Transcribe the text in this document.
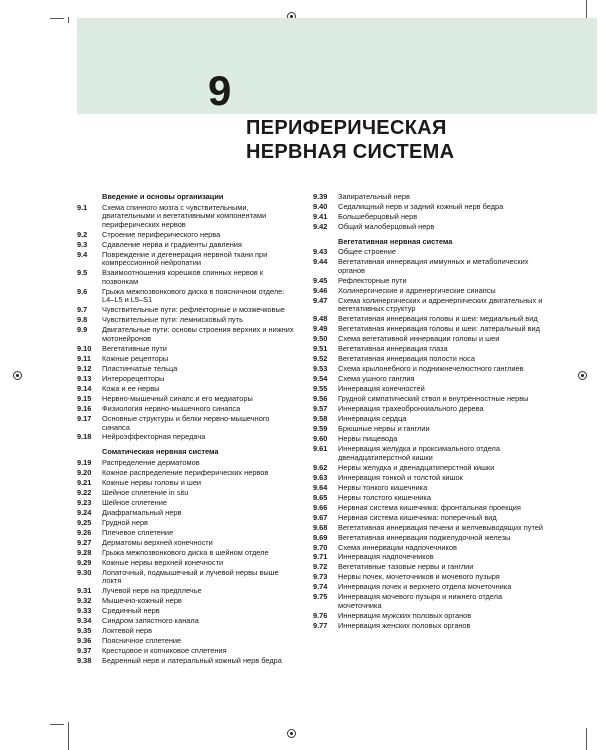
9
ПЕРИФЕРИЧЕСКАЯ
НЕРВНАЯ СИСТЕМА
Введение и основы организации
9.1	Схема спинного мозга с чувствительными, двигательными и вегетативными компонентами периферических нервов
9.2	Строение периферического нерва
9.3	Сдавление нерва и градиенты давления
9.4	Повреждение и дегенерация нервной ткани при компрессионной нейропатии
9.5	Взаимоотношения корешков спинных нервов к позвонкам
9.6	Грыжа межпозвонкового диска в поясничном отделе: L4–L5 и L5–S1
9.7	Чувствительные пути: рефлекторные и мозжечковые
9.8	Чувствительные пути: лемнисковый путь
9.9	Двигательные пути: основы строения верхних и нижних мотонейронов
9.10	Вегетативные пути
9.11	Кожные рецепторы
9.12	Пластинчатые тельца
9.13	Интерорецепторы
9.14	Кожа и ее нервы
9.15	Нервно-мышечный синапс и его медиаторы
9.16	Физиология нервно-мышечного синапса
9.17	Основные структуры и белки нервно-мышечного синапса
9.18	Нейроэффекторная передача
Соматическая нервная система
9.19	Распределение дерматомов
9.20	Кожное распределение периферических нервов
9.21	Кожные нервы головы и шеи
9.22	Шейное сплетение in situ
9.23	Шейное сплетение
9.24	Диафрагмальный нерв
9.25	Грудной нерв
9.26	Плечевое сплетение
9.27	Дерматомы верхней конечности
9.28	Грыжа межпозвонкового диска в шейном отделе
9.29	Кожные нервы верхней конечности
9.30	Лопаточный, подмышечный и лучевой нервы выше локтя
9.31	Лучевой нерв на предплечье
9.32	Мышечно-кожный нерв
9.33	Срединный нерв
9.34	Синдром запястного канала
9.35	Локтевой нерв
9.36	Поясничное сплетение
9.37	Крестцовое и копчиковое сплетения
9.38	Бедренный нерв и латеральный кожный нерв бедра
9.39	Запирательный нерв
9.40	Седалищный нерв и задний кожный нерв бедра
9.41	Большеберцовый нерв
9.42	Общий малоберцовый нерв
Вегетативная нервная система
9.43	Общее строение
9.44	Вегетативная иннервация иммунных и метаболических органов
9.45	Рефлекторные пути
9.46	Холинергические и адренергические синапсы
9.47	Схема холинергических и адренергических двигательных и вегетативных структур
9.48	Вегетативная иннервация головы и шеи: медиальный вид
9.49	Вегетативная иннервация головы и шеи: латеральный вид
9.50	Схема вегетативной иннервации головы и шеи
9.51	Вегетативная иннервация глаза
9.52	Вегетативная иннервация полости носа
9.53	Схема крылонебного и поднижнечелюстного ганглиев
9.54	Схема ушного ганглия
9.55	Иннервация конечностей
9.56	Грудной симпатический ствол и внутренностные нервы
9.57	Иннервация трахеобронхиального дерева
9.58	Иннервация сердца
9.59	Брюшные нервы и ганглии
9.60	Нервы пищевода
9.61	Иннервация желудка и проксимального отдела двенадцатиперстной кишки
9.62	Нервы желудка и двенадцатиперстной кишки
9.63	Иннервация тонкой и толстой кишок
9.64	Нервы тонкого кишечника
9.65	Нервы толстого кишечника
9.66	Нервная система кишечника: фронтальная проекция
9.67	Нервная система кишечника: поперечный вид
9.68	Вегетативная иннервация печени и желчевыводящих путей
9.69	Вегетативная иннервация поджелудочной железы
9.70	Схема иннервации надпочечников
9.71	Иннервация надпочечников
9.72	Вегетативные тазовые нервы и ганглии
9.73	Нервы почек, мочеточников и мочевого пузыря
9.74	Иннервация почек и верхнего отдела мочеточника
9.75	Иннервация мочевого пузыря и нижнего отдела мочеточника
9.76	Иннервация мужских половых органов
9.77	Иннервация женских половых органов
